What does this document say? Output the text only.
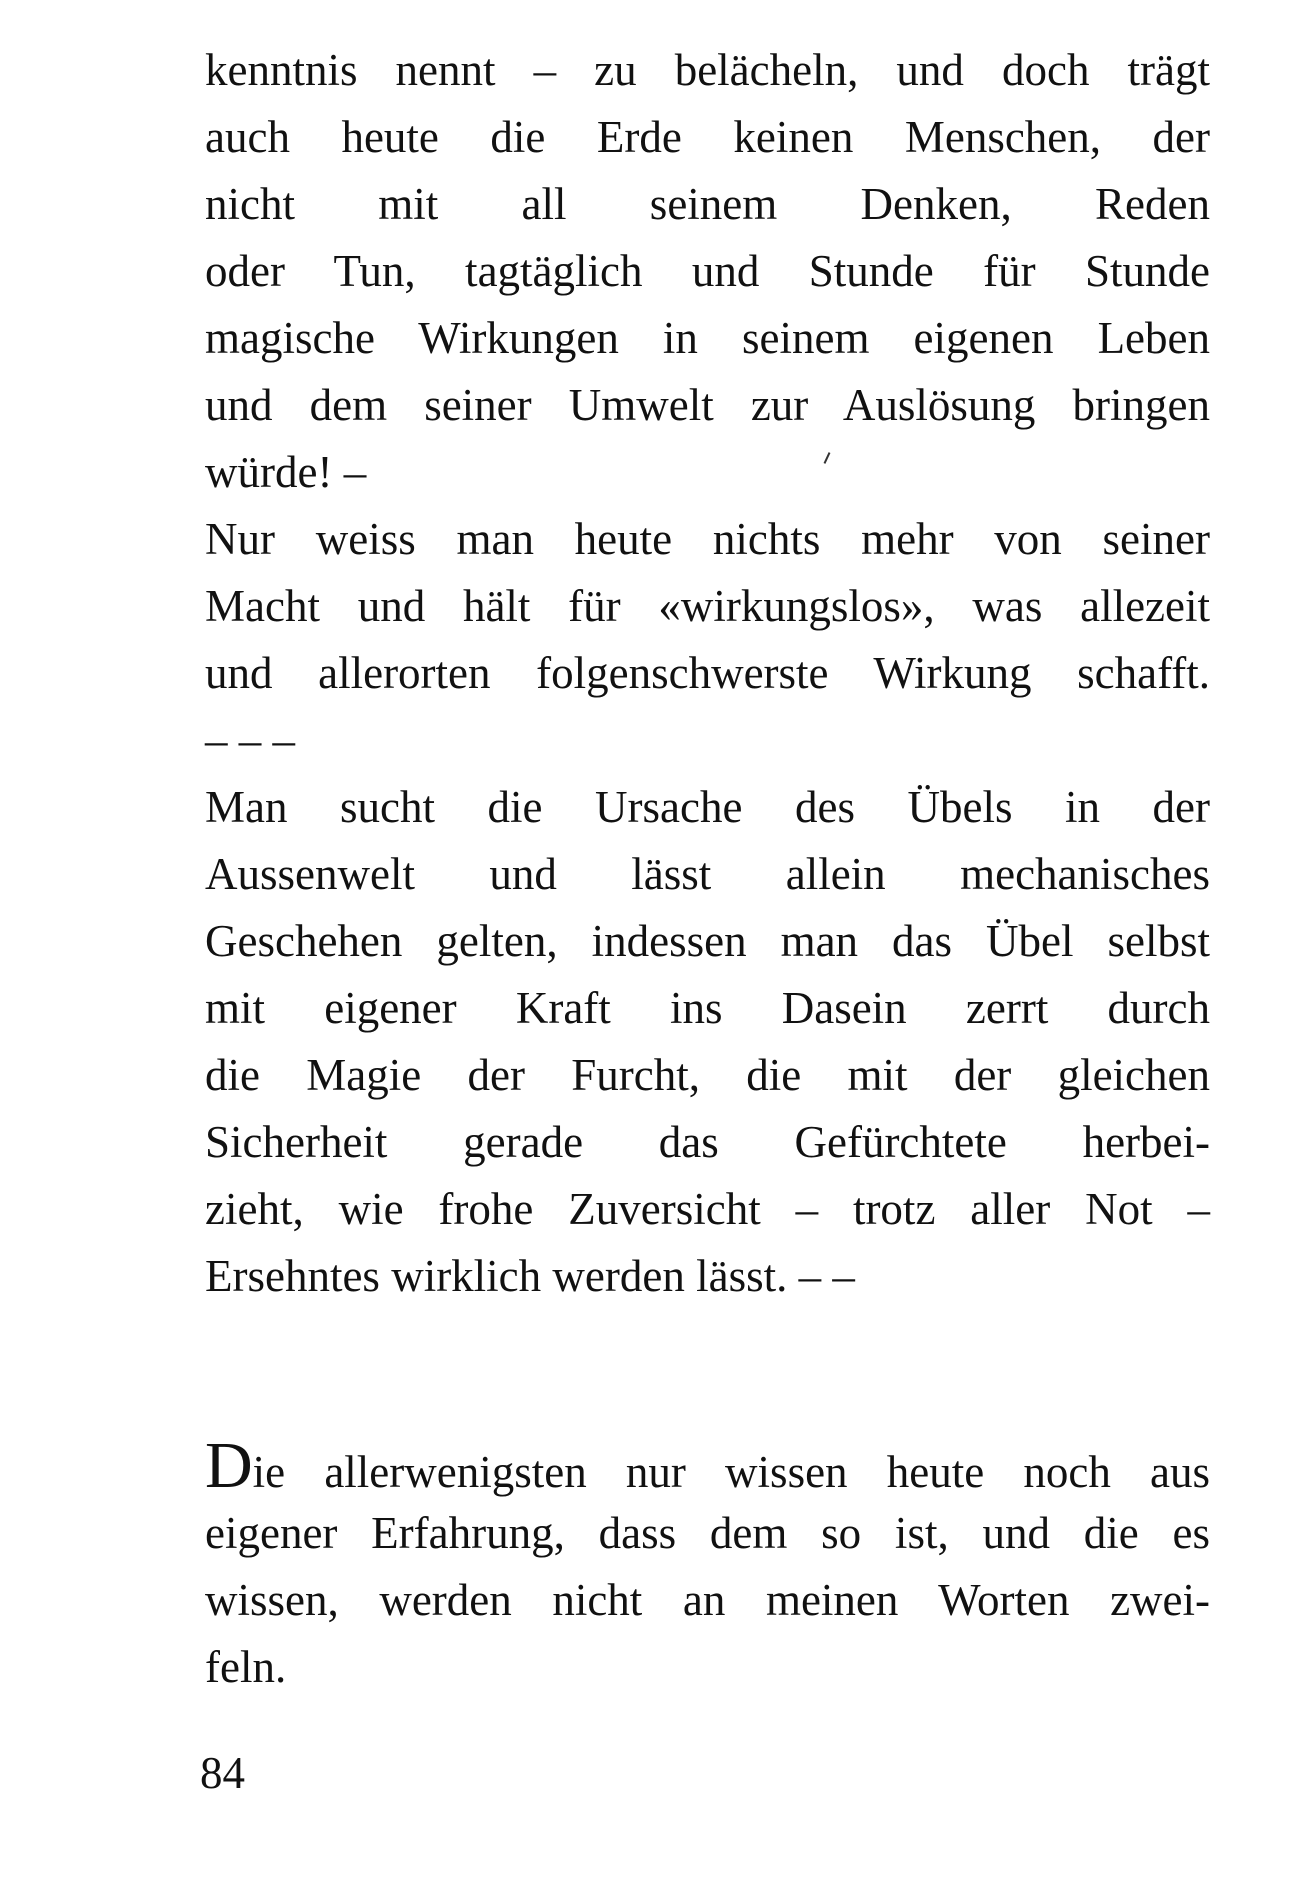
kenntnis nennt – zu belächeln, und doch trägt
auch heute die Erde keinen Menschen, der
nicht mit all seinem Denken, Reden
oder Tun, tagtäglich und Stunde für Stunde
magische Wirkungen in seinem eigenen Leben
und dem seiner Umwelt zur Auslösung bringen
würde! –
Nur weiss man heute nichts mehr von seiner
Macht und hält für «wirkungslos», was allezeit
und allerorten folgenschwerste Wirkung schafft.
– – –
Man sucht die Ursache des Übels in der
Aussenwelt und lässt allein mechanisches
Geschehen gelten, indessen man das Übel selbst
mit eigener Kraft ins Dasein zerrt durch
die Magie der Furcht, die mit der gleichen
Sicherheit gerade das Gefürchtete herbei-
zieht, wie frohe Zuversicht – trotz aller Not –
Ersehntes wirklich werden lässt. – –
Die allerwenigsten nur wissen heute noch aus
eigener Erfahrung, dass dem so ist, und die es
wissen, werden nicht an meinen Worten zwei-
feln.
84
